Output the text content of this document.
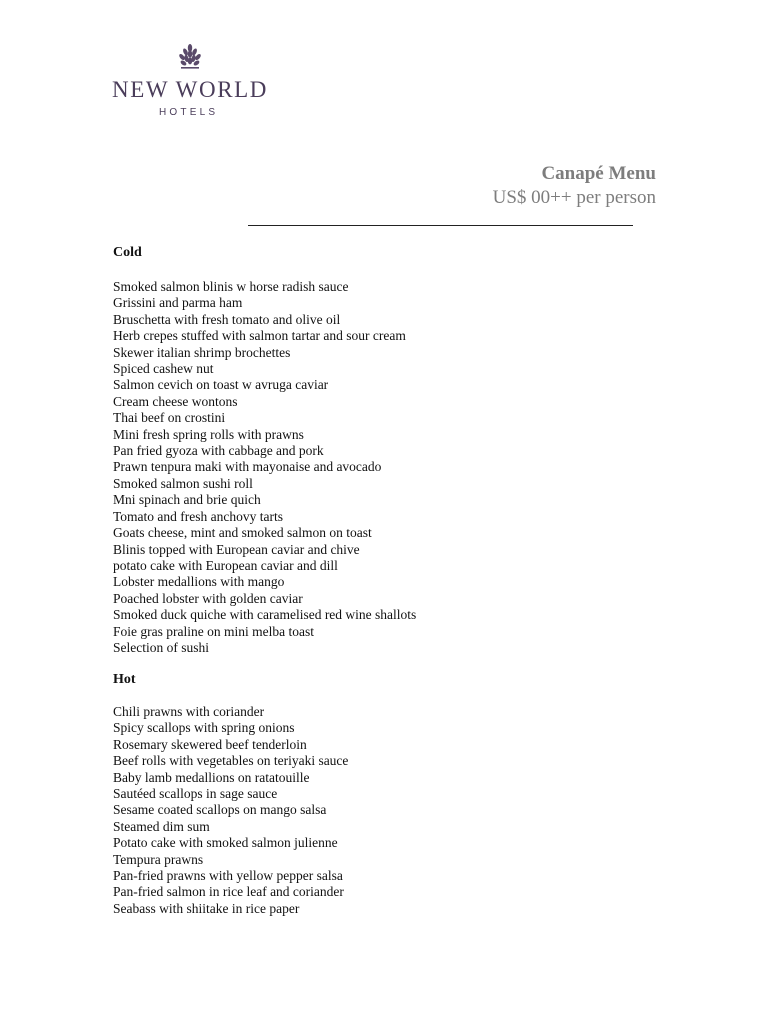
NEW WORLD
HOTELS
Canapé Menu
US$ 00++ per person
Cold
Smoked salmon blinis w horse radish sauce
Grissini and parma ham
Bruschetta with fresh tomato and olive oil
Herb crepes stuffed with salmon tartar and sour cream
Skewer italian shrimp brochettes
Spiced cashew nut
Salmon cevich on toast w avruga caviar
Cream cheese wontons
Thai beef on crostini
Mini fresh spring rolls with prawns
Pan fried gyoza with cabbage and pork
Prawn tenpura maki with mayonaise and avocado
Smoked salmon sushi roll
Mni spinach and brie quich
Tomato and fresh anchovy tarts
Goats cheese, mint and smoked salmon on toast
Blinis topped with European caviar and chive
potato cake with European caviar and dill
Lobster medallions with mango
Poached lobster with golden caviar
Smoked duck quiche with caramelised red wine shallots
Foie gras praline on mini melba toast
Selection of sushi
Hot
Chili prawns with coriander
Spicy scallops with spring onions
Rosemary skewered beef tenderloin
Beef rolls with vegetables on teriyaki sauce
Baby lamb medallions on ratatouille
Sautéed scallops in sage sauce
Sesame coated scallops on mango salsa
Steamed dim sum
Potato cake with smoked salmon julienne
Tempura prawns
Pan-fried prawns with yellow pepper salsa
Pan-fried salmon in rice leaf and coriander
Seabass with shiitake in rice paper
